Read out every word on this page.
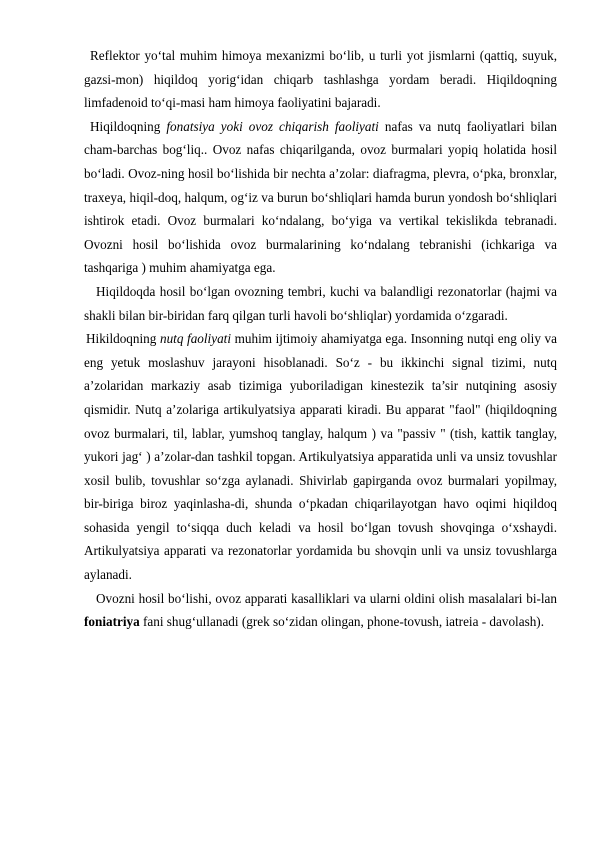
Reflektor yo‘tal muhim himoya mexanizmi bo‘lib, u turli yot jismlarni (qattiq, suyuk, gazsi-mon) hiqildoq yorig‘idan chiqarb tashlashga yordam beradi. Hiqildoqning limfadenoid to‘qi-masi ham himoya faoliyatini bajaradi.

Hiqildoqning fonatsiya yoki ovoz chiqarish faoliyati nafas va nutq faoliyatlari bilan cham-barchas bog‘liq.. Ovoz nafas chiqarilganda, ovoz burmalari yopiq holatida hosil bo‘ladi. Ovoz-ning hosil bo‘lishida bir nechta a’zolar: diafragma, plevra, o‘pka, bronxlar, traxeya, hiqil-doq, halqum, og‘iz va burun bo‘shliqlari hamda burun yondosh bo‘shliqlari ishtirok etadi. Ovoz burmalari ko‘ndalang, bo‘yiga va vertikal tekislikda tebranadi. Ovozni hosil bo‘lishida ovoz burmalarining ko‘ndalang tebranishi (ichkariga va tashqariga ) muhim ahamiyatga ega.

Hiqildoqda hosil bo‘lgan ovozning tembri, kuchi va balandligi rezonatorlar (hajmi va shakli bilan bir-biridan farq qilgan turli havoli bo‘shliqlar) yordamida o‘zgaradi.

Hikildoqning nutq faoliyati muhim ijtimoiy ahamiyatga ega. Insonning nutqi eng oliy va eng yetuk moslashuv jarayoni hisoblanadi. So‘z - bu ikkinchi signal tizimi, nutq a’zolaridan markaziy asab tizimiga yuboriladigan kinestezik ta’sir nutqining asosiy qismidir. Nutq a’zolariga artikulyatsiya apparati kiradi. Bu apparat "faol" (hiqildoqning ovoz burmalari, til, lablar, yumshoq tanglay, halqum ) va "passiv " (tish, kattik tanglay, yukori jag‘ ) a’zolar-dan tashkil topgan. Artikulyatsiya apparatida unli va unsiz tovushlar xosil bulib, tovushlar so‘zga aylanadi. Shivirlab gapirganda ovoz burmalari yopilmay, bir-biriga biroz yaqinlasha-di, shunda o‘pkadan chiqarilayotgan havo oqimi hiqildoq sohasida yengil to‘siqqa duch keladi va hosil bo‘lgan tovush shovqinga o‘xshaydi. Artikulyatsiya apparati va rezonatorlar yordamida bu shovqin unli va unsiz tovushlarga aylanadi.

Ovozni hosil bo‘lishi, ovoz apparati kasalliklari va ularni oldini olish masalalari bi-lan foniatriya fani shug‘ullanadi (grek so‘zidan olingan, phone-tovush, iatreia - davolash).
